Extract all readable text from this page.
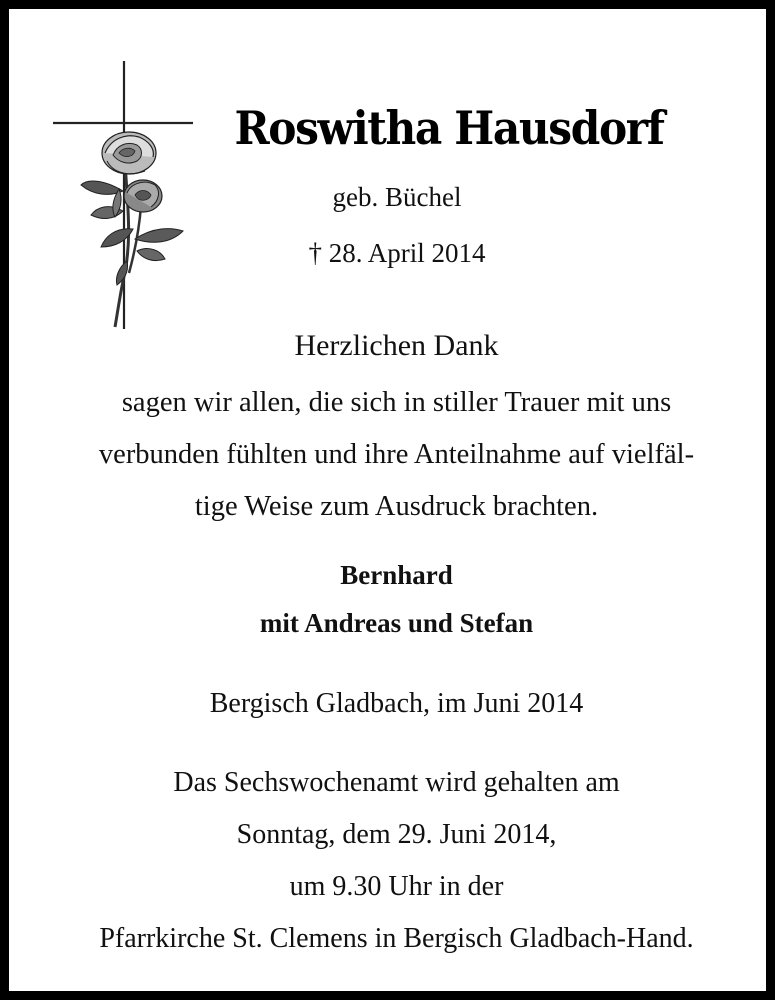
Roswitha Hausdorf
geb. Büchel
† 28. April 2014
Herzlichen Dank
sagen wir allen, die sich in stiller Trauer mit uns
verbunden fühlten und ihre Anteilnahme auf vielfäl-
tige Weise zum Ausdruck brachten.
Bernhard
mit Andreas und Stefan
Bergisch Gladbach, im Juni 2014
Das Sechswochenamt wird gehalten am
Sonntag, dem 29. Juni 2014,
um 9.30 Uhr in der
Pfarrkirche St. Clemens in Bergisch Gladbach-Hand.
